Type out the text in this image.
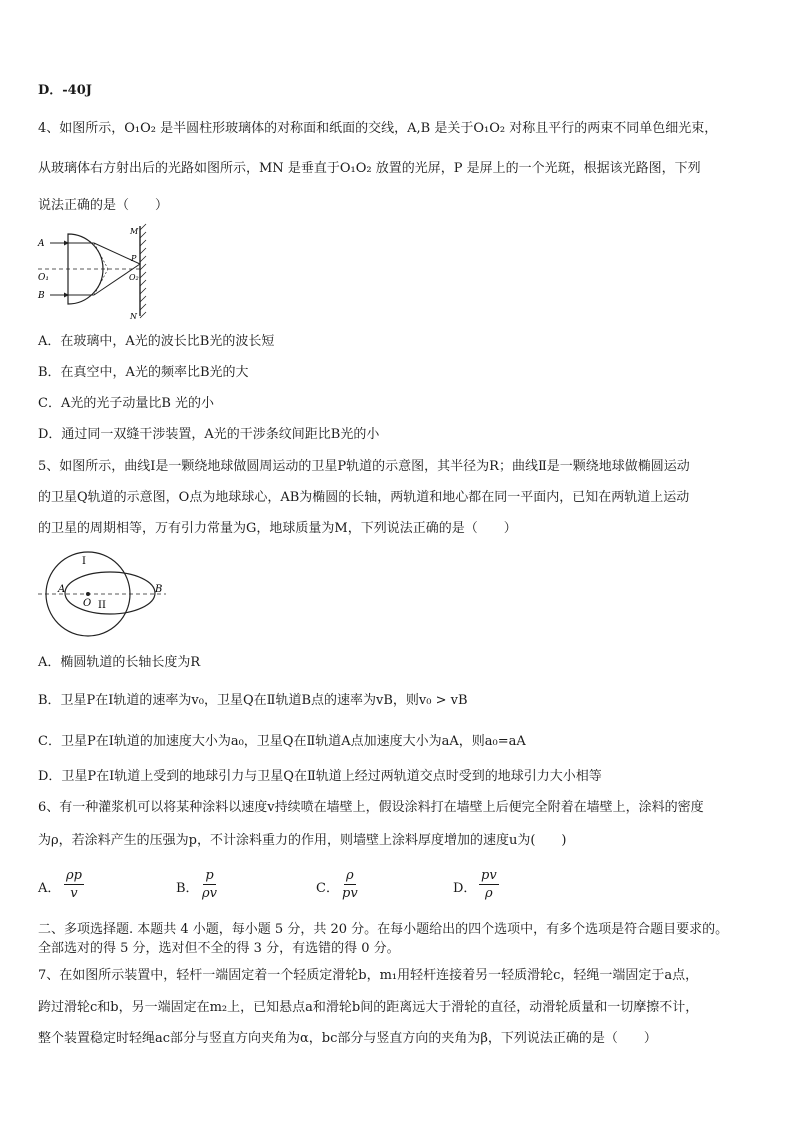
D．-40J
4、如图所示，O₁O₂ 是半圆柱形玻璃体的对称面和纸面的交线，A,B 是关于O₁O₂ 对称且平行的两束不同单色细光束，
从玻璃体右方射出后的光路如图所示，MN 是垂直于O₁O₂ 放置的光屏，P 是屏上的一个光斑，根据该光路图，下列
说法正确的是（　　）
A
B
O₁
M
P
O₂
N
A．在玻璃中，A光的波长比B光的波长短
B．在真空中，A光的频率比B光的大
C．A光的光子动量比B 光的小
D．通过同一双缝干涉装置，A光的干涉条纹间距比B光的小
5、如图所示，曲线Ⅰ是一颗绕地球做圆周运动的卫星P轨道的示意图，其半径为R；曲线Ⅱ是一颗绕地球做椭圆运动
的卫星Q轨道的示意图，O点为地球球心，AB为椭圆的长轴，两轨道和地心都在同一平面内，已知在两轨道上运动
的卫星的周期相等，万有引力常量为G，地球质量为M，下列说法正确的是（　　）
I
II
A	B
O
A．椭圆轨道的长轴长度为R
B．卫星P在Ⅰ轨道的速率为v₀，卫星Q在Ⅱ轨道B点的速率为vB，则v₀ > vB
C．卫星P在Ⅰ轨道的加速度大小为a₀，卫星Q在Ⅱ轨道A点加速度大小为aA，则a₀=aA
D．卫星P在Ⅰ轨道上受到的地球引力与卫星Q在Ⅱ轨道上经过两轨道交点时受到的地球引力大小相等
6、有一种灌浆机可以将某种涂料以速度v持续喷在墙壁上，假设涂料打在墙壁上后便完全附着在墙壁上，涂料的密度
为ρ，若涂料产生的压强为p，不计涂料重力的作用，则墙壁上涂料厚度增加的速度u为(　　)
A． $\frac{\rho p}{v}$	B． $\frac{p}{\rho v}$	C． $\frac{\rho}{pv}$	D． $\frac{pv}{\rho}$
二、多项选择题. 本题共 4 小题，每小题 5 分，共 20 分。在每小题给出的四个选项中，有多个选项是符合题目要求的。
全部选对的得 5 分，选对但不全的得 3 分，有选错的得 0 分。
7、在如图所示装置中，轻杆一端固定着一个轻质定滑轮b，m₁用轻杆连接着另一轻质滑轮c，轻绳一端固定于a点，
跨过滑轮c和b，另一端固定在m₂上，已知悬点a和滑轮b间的距离远大于滑轮的直径，动滑轮质量和一切摩擦不计，
整个装置稳定时轻绳ac部分与竖直方向夹角为α，bc部分与竖直方向的夹角为β，下列说法正确的是（　　）
